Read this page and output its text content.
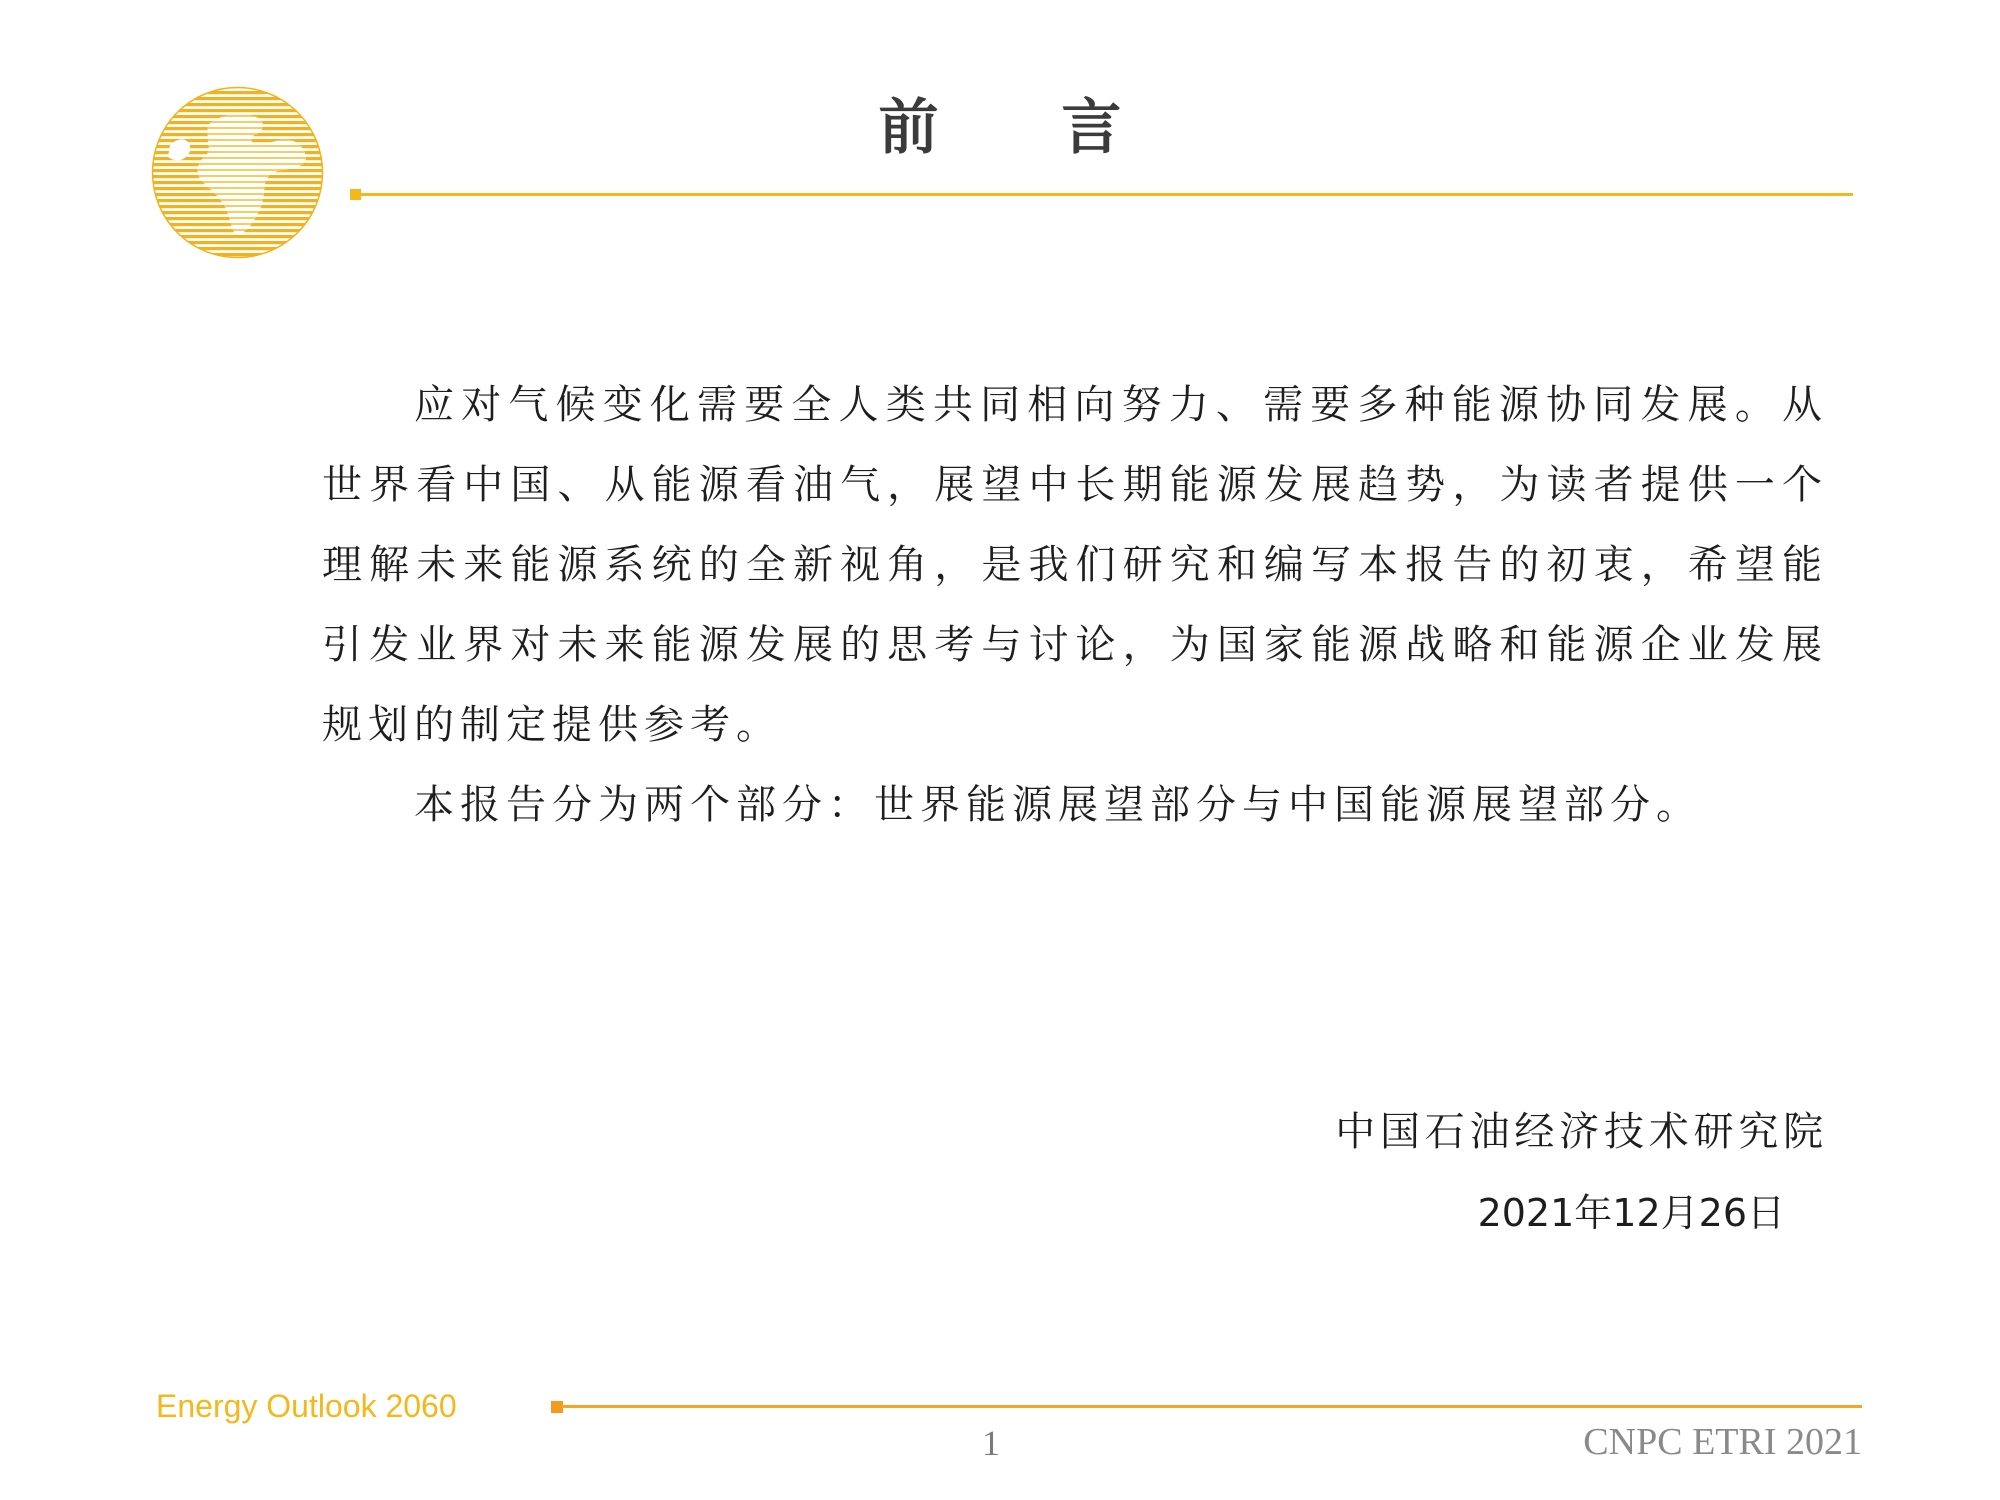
前 言

应对气候变化需要全人类共同相向努力、需要多种能源协同发展。从世界看中国、从能源看油气，展望中长期能源发展趋势，为读者提供一个理解未来能源系统的全新视角，是我们研究和编写本报告的初衷，希望能引发业界对未来能源发展的思考与讨论，为国家能源战略和能源企业发展规划的制定提供参考。

本报告分为两个部分：世界能源展望部分与中国能源展望部分。

中国石油经济技术研究院
2021年12月26日
Energy Outlook 2060
1	CNPC ETRI 2021
